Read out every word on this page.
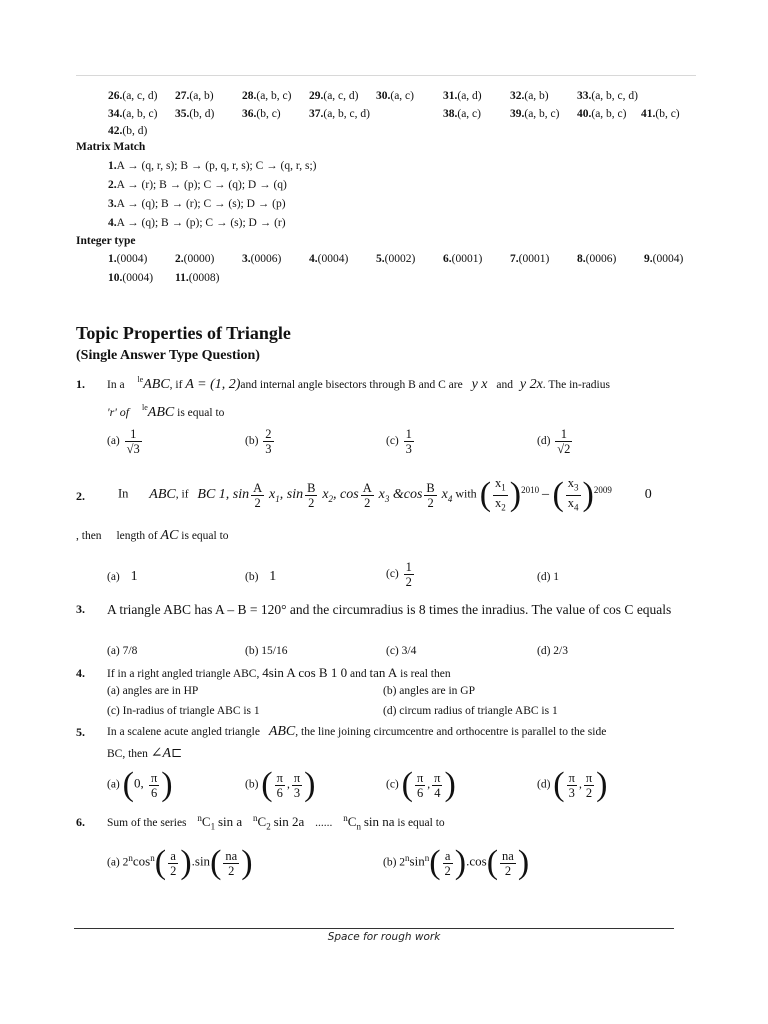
26.(a, c, d) 27.(a, b) 28.(a, b, c) 29.(a, c, d) 30.(a, c)	31.(a, d) 32.(a, b) 33.(a, b, c, d)
34.(a, b, c) 35.(b, d) 36.(b, c) 37.(a, b, c, d)	38.(a, c)	39.(a, b, c) 40.(a, b, c) 41.(b, c)
42.(b, d)
Matrix Match
1.A → (q, r, s); B → (p, q, r, s); C → (q, r, s;)
2.A → (r); B → (p); C → (q); D → (q)
3.A → (q); B → (r); C → (s); D → (p)
4.A → (q); B → (p); C → (s); D → (r)
Integer type
1.(0004) 2.(0000) 3.(0006) 4.(0004) 5.(0002) 6.(0001) 7.(0001) 8.(0006) 9.(0004)
10.(0004) 11.(0008)
Topic Properties of Triangle
(Single Answer Type Question)
1. In a $^{le}$ABC, if A = (1, 2)and internal angle bisectors through B and C are y x and y 2x. The in-radius
'r' of $^{le}$ABC is equal to
$(a) \frac{1}{√3}$	$(b) \frac{2}{3}$	$(c) \frac{1}{3}$	$(d) \frac{1}{√2}$
2.	In ABC, if BC 1, $\sin \frac{A}{2} x_1$, $\sin \frac{B}{2} x_2$, $\cos \frac{A}{2} x_3$ &cos $\frac{B}{2} x_4$ with ( $\frac{x_1}{x_2} )^{2010}$ – ( $\frac{x_3}{x_4} )^{2009}$ 0
, then length of AC is equal to
(a) 1	(b) 1	$(c) \frac{1}{2}$	(d) 1
3. A triangle ABC has A – B = 120° and the circumradius is 8 times the inradius. The value of cos C equals
(a) 7/8	(b) 15/16	(c) 3/4	(d) 2/3
4. If in a right angled triangle ABC, 4sin A cos B 1 0 and tan A is real then
(a) angles are in HP	(b) angles are in GP
(c) In-radius of triangle ABC is 1	(d) circum radius of triangle ABC is 1
5. In a scalene acute angled triangle ABC, the line joining circumcentre and orthocentre is parallel to the side
BC, then ∠A⊏
(a) (0, $\frac{\pi}{6}$ )	(b) ( $\frac{\pi}{6}$ , $\frac{\pi}{3}$ )	(c) ( $\frac{\pi}{6}$ , $\frac{\pi}{4}$ )	(d) ( $\frac{\pi}{3}$ , $\frac{\pi}{2}$ )
6. Sum of the series $^nC_1$ sin a $^nC_2$ sin 2a ...... $^nC_n$ sin na is equal to
(a) $2^n\cos^n( \frac{a}{2} ).\sin( \frac{na}{2}$ )	(b) $2^n\sin^n( \frac{a}{2} ).\cos( \frac{na}{2}$ )
Space for rough work
